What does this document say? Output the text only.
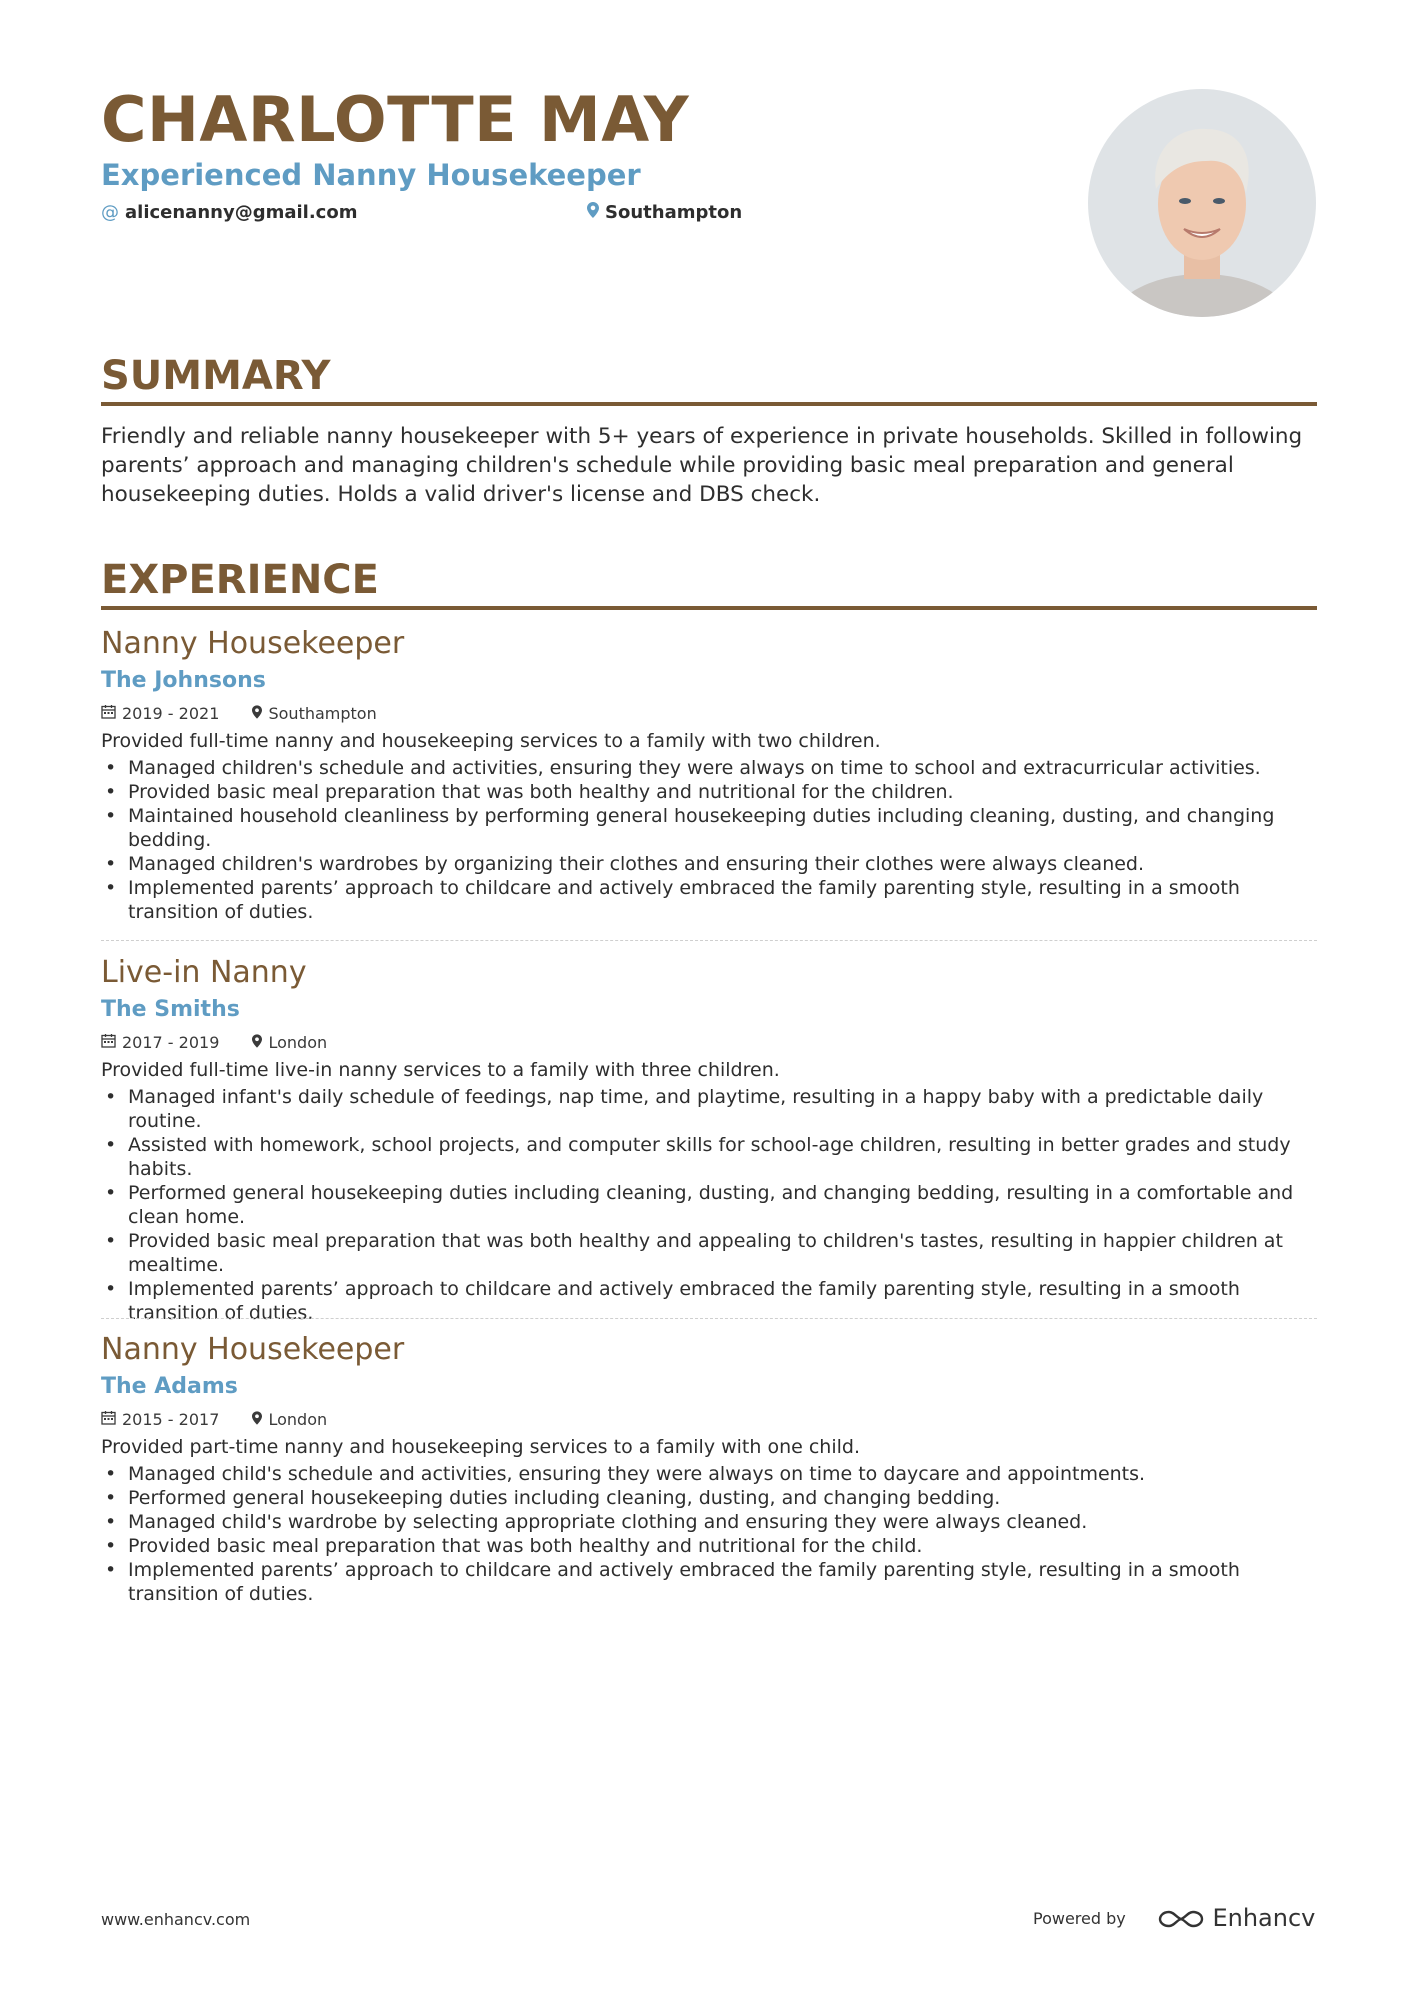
CHARLOTTE MAY
Experienced Nanny Housekeeper
@ alicenanny@gmail.com	Southampton
SUMMARY
Friendly and reliable nanny housekeeper with 5+ years of experience in private households. Skilled in following parents’ approach and managing children's schedule while providing basic meal preparation and general housekeeping duties. Holds a valid driver's license and DBS check.
EXPERIENCE
Nanny Housekeeper
The Johnsons
2019 - 2021	Southampton
Provided full-time nanny and housekeeping services to a family with two children.
• Managed children's schedule and activities, ensuring they were always on time to school and extracurricular activities.
• Provided basic meal preparation that was both healthy and nutritional for the children.
• Maintained household cleanliness by performing general housekeeping duties including cleaning, dusting, and changing bedding.
• Managed children's wardrobes by organizing their clothes and ensuring their clothes were always cleaned.
• Implemented parents’ approach to childcare and actively embraced the family parenting style, resulting in a smooth transition of duties.
Live-in Nanny
The Smiths
2017 - 2019	London
Provided full-time live-in nanny services to a family with three children.
• Managed infant's daily schedule of feedings, nap time, and playtime, resulting in a happy baby with a predictable daily routine.
• Assisted with homework, school projects, and computer skills for school-age children, resulting in better grades and study habits.
• Performed general housekeeping duties including cleaning, dusting, and changing bedding, resulting in a comfortable and clean home.
• Provided basic meal preparation that was both healthy and appealing to children's tastes, resulting in happier children at mealtime.
• Implemented parents’ approach to childcare and actively embraced the family parenting style, resulting in a smooth transition of duties.
Nanny Housekeeper
The Adams
2015 - 2017	London
Provided part-time nanny and housekeeping services to a family with one child.
• Managed child's schedule and activities, ensuring they were always on time to daycare and appointments.
• Performed general housekeeping duties including cleaning, dusting, and changing bedding.
• Managed child's wardrobe by selecting appropriate clothing and ensuring they were always cleaned.
• Provided basic meal preparation that was both healthy and nutritional for the child.
• Implemented parents’ approach to childcare and actively embraced the family parenting style, resulting in a smooth transition of duties.
www.enhancv.com	Powered by	Enhancv
